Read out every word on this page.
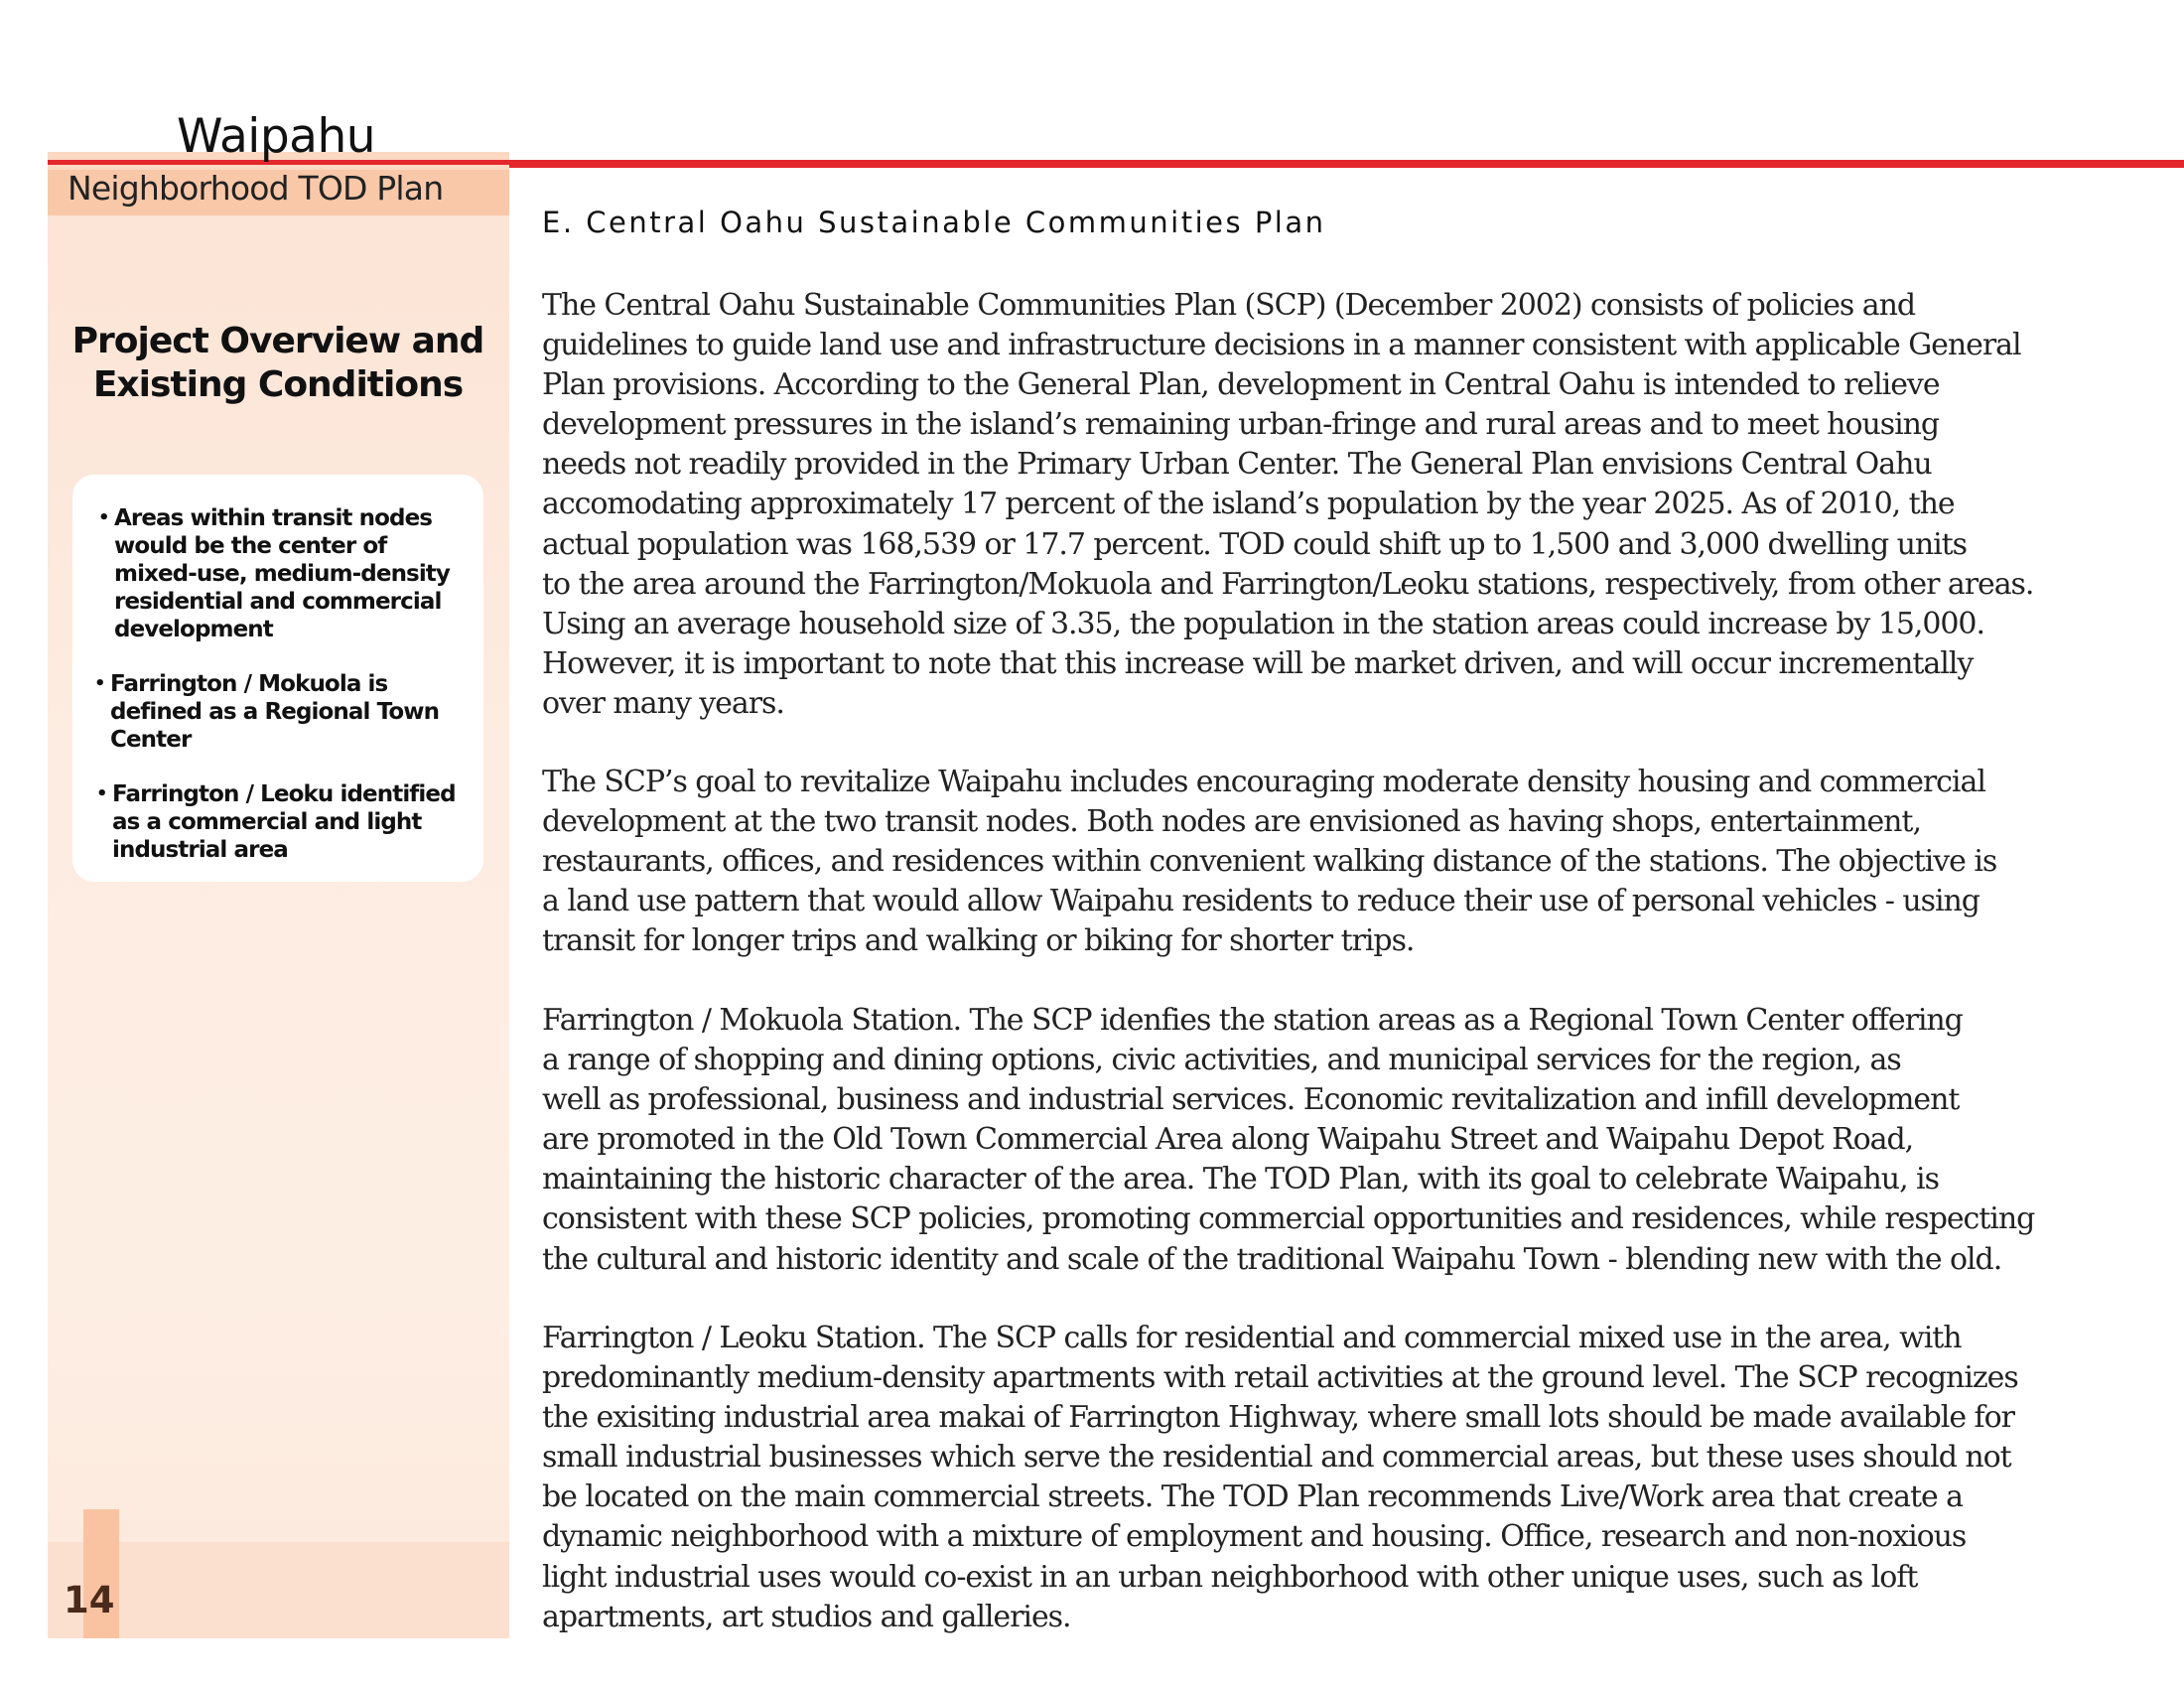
Waipahu
Neighborhood TOD Plan
Project Overview and
Existing Conditions
• Areas within transit nodes would be the center of mixed-use, medium-density residential and commercial development
• Farrington / Mokuola is defined as a Regional Town Center
• Farrington / Leoku identified as a commercial and light industrial area
14
E. Central Oahu Sustainable Communities Plan
The Central Oahu Sustainable Communities Plan (SCP) (December 2002) consists of policies and
guidelines to guide land use and infrastructure decisions in a manner consistent with applicable General
Plan provisions. According to the General Plan, development in Central Oahu is intended to relieve
development pressures in the island’s remaining urban-fringe and rural areas and to meet housing
needs not readily provided in the Primary Urban Center. The General Plan envisions Central Oahu
accomodating approximately 17 percent of the island’s population by the year 2025. As of 2010, the
actual population was 168,539 or 17.7 percent. TOD could shift up to 1,500 and 3,000 dwelling units
to the area around the Farrington/Mokuola and Farrington/Leoku stations, respectively, from other areas.
Using an average household size of 3.35, the population in the station areas could increase by 15,000.
However, it is important to note that this increase will be market driven, and will occur incrementally
over many years.
The SCP’s goal to revitalize Waipahu includes encouraging moderate density housing and commercial
development at the two transit nodes. Both nodes are envisioned as having shops, entertainment,
restaurants, offices, and residences within convenient walking distance of the stations. The objective is
a land use pattern that would allow Waipahu residents to reduce their use of personal vehicles - using
transit for longer trips and walking or biking for shorter trips.
Farrington / Mokuola Station. The SCP idenfies the station areas as a Regional Town Center offering
a range of shopping and dining options, civic activities, and municipal services for the region, as
well as professional, business and industrial services. Economic revitalization and infill development
are promoted in the Old Town Commercial Area along Waipahu Street and Waipahu Depot Road,
maintaining the historic character of the area. The TOD Plan, with its goal to celebrate Waipahu, is
consistent with these SCP policies, promoting commercial opportunities and residences, while respecting
the cultural and historic identity and scale of the traditional Waipahu Town - blending new with the old.
Farrington / Leoku Station. The SCP calls for residential and commercial mixed use in the area, with
predominantly medium-density apartments with retail activities at the ground level. The SCP recognizes
the exisiting industrial area makai of Farrington Highway, where small lots should be made available for
small industrial businesses which serve the residential and commercial areas, but these uses should not
be located on the main commercial streets. The TOD Plan recommends Live/Work area that create a
dynamic neighborhood with a mixture of employment and housing. Office, research and non-noxious
light industrial uses would co-exist in an urban neighborhood with other unique uses, such as loft
apartments, art studios and galleries.
